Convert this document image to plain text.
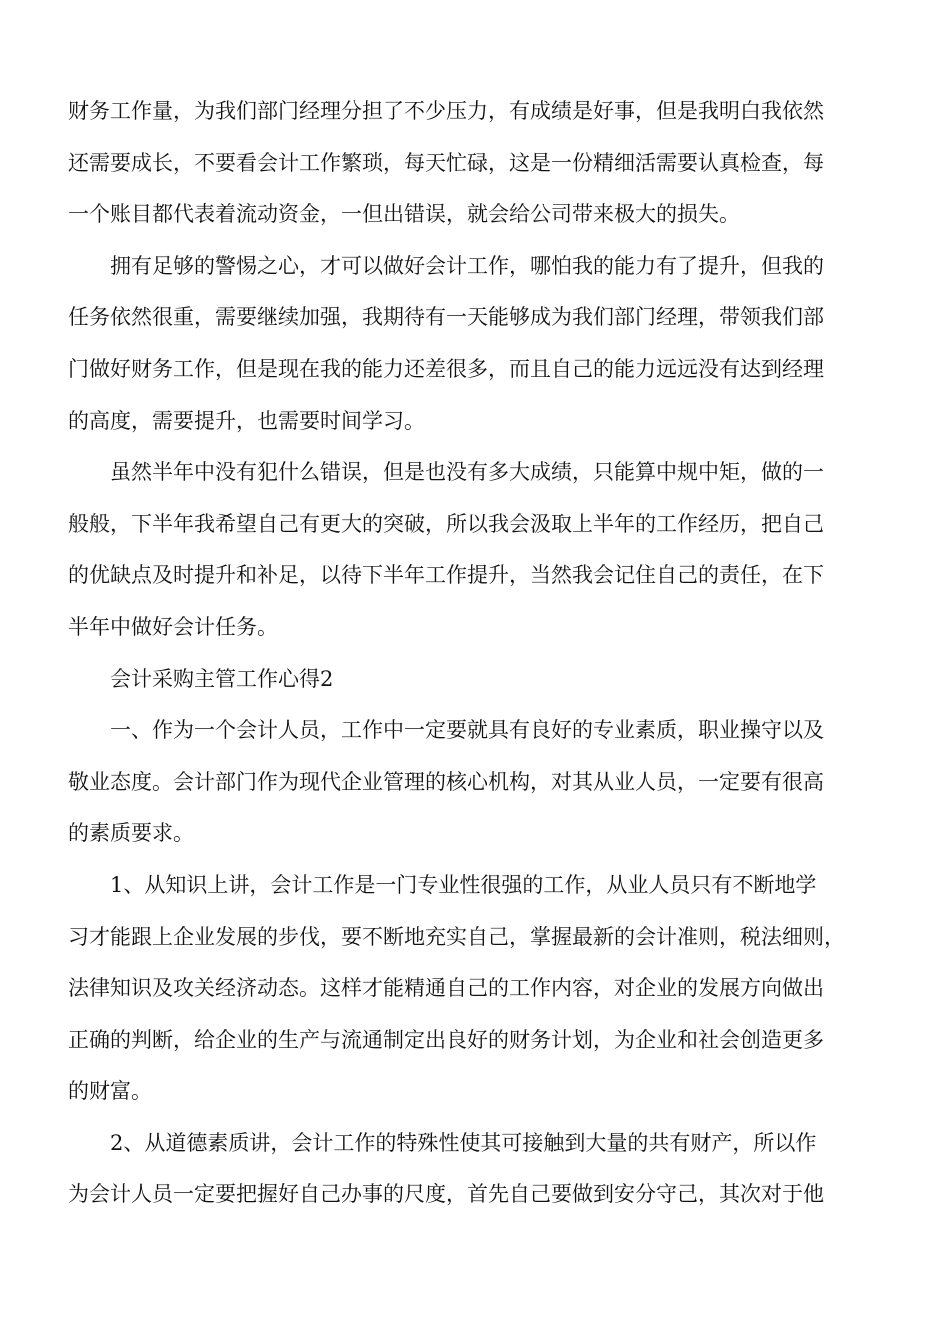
财务工作量，为我们部门经理分担了不少压力，有成绩是好事，但是我明白我依然
还需要成长，不要看会计工作繁琐，每天忙碌，这是一份精细活需要认真检查，每
一个账目都代表着流动资金，一但出错误，就会给公司带来极大的损失。

拥有足够的警惕之心，才可以做好会计工作，哪怕我的能力有了提升，但我的
任务依然很重，需要继续加强，我期待有一天能够成为我们部门经理，带领我们部
门做好财务工作，但是现在我的能力还差很多，而且自己的能力远远没有达到经理
的高度，需要提升，也需要时间学习。

虽然半年中没有犯什么错误，但是也没有多大成绩，只能算中规中矩，做的一
般般，下半年我希望自己有更大的突破，所以我会汲取上半年的工作经历，把自己
的优缺点及时提升和补足，以待下半年工作提升，当然我会记住自己的责任，在下
半年中做好会计任务。

会计采购主管工作心得2

一、作为一个会计人员，工作中一定要就具有良好的专业素质，职业操守以及
敬业态度。会计部门作为现代企业管理的核心机构，对其从业人员，一定要有很高
的素质要求。

1、从知识上讲，会计工作是一门专业性很强的工作，从业人员只有不断地学
习才能跟上企业发展的步伐，要不断地充实自己，掌握最新的会计准则，税法细则，
法律知识及攻关经济动态。这样才能精通自己的工作内容，对企业的发展方向做出
正确的判断，给企业的生产与流通制定出良好的财务计划，为企业和社会创造更多
的财富。

2、从道德素质讲，会计工作的特殊性使其可接触到大量的共有财产，所以作
为会计人员一定要把握好自己办事的尺度，首先自己要做到安分守己，其次对于他
